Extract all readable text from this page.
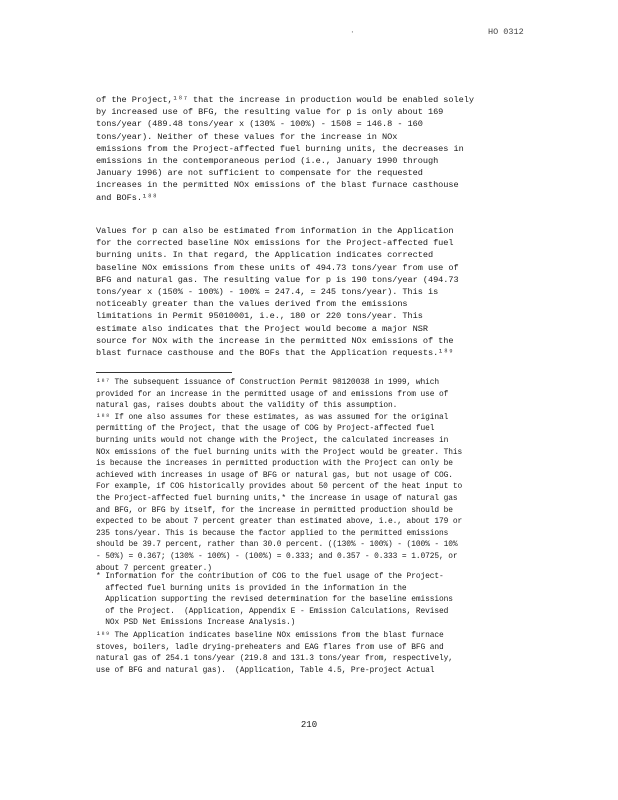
·	HO 0312
of the Project,¹⁸⁷ that the increase in production would be enabled solely
by increased use of BFG, the resulting value for p is only about 169
tons/year (489.48 tons/year x (130% - 100%) - 1508 = 146.8 - 160
tons/year). Neither of these values for the increase in NOx
emissions from the Project-affected fuel burning units, the decreases in
emissions in the contemporaneous period (i.e., January 1990 through
January 1996) are not sufficient to compensate for the requested
increases in the permitted NOx emissions of the blast furnace casthouse
and BOFs.¹⁸⁸
Values for p can also be estimated from information in the Application
for the corrected baseline NOx emissions for the Project-affected fuel
burning units. In that regard, the Application indicates corrected
baseline NOx emissions from these units of 494.73 tons/year from use of
BFG and natural gas. The resulting value for p is 190 tons/year (494.73
tons/year x (150% - 100%) - 100% = 247.4, = 245 tons/year). This is
noticeably greater than the values derived from the emissions
limitations in Permit 95010001, i.e., 180 or 220 tons/year. This
estimate also indicates that the Project would become a major NSR
source for NOx with the increase in the permitted NOx emissions of the
blast furnace casthouse and the BOFs that the Application requests.¹⁸⁹
¹⁸⁷ The subsequent issuance of Construction Permit 98120038 in 1999, which
provided for an increase in the permitted usage of and emissions from use of
natural gas, raises doubts about the validity of this assumption.
¹⁸⁸ If one also assumes for these estimates, as was assumed for the original
permitting of the Project, that the usage of COG by Project-affected fuel
burning units would not change with the Project, the calculated increases in
NOx emissions of the fuel burning units with the Project would be greater. This
is because the increases in permitted production with the Project can only be
achieved with increases in usage of BFG or natural gas, but not usage of COG.
For example, if COG historically provides about 50 percent of the heat input to
the Project-affected fuel burning units,* the increase in usage of natural gas
and BFG, or BFG by itself, for the increase in permitted production should be
expected to be about 7 percent greater than estimated above, i.e., about 179 or
235 tons/year. This is because the factor applied to the permitted emissions
should be 39.7 percent, rather than 30.0 percent. ((130% - 100%) - (100% - 10%
- 50%) = 0.367; (130% - 100%) - (100%) = 0.333; and 0.357 - 0.333 = 1.0725, or
about 7 percent greater.)
* Information for the contribution of COG to the fuel usage of the Project-
affected fuel burning units is provided in the information in the
Application supporting the revised determination for the baseline emissions
of the Project.  (Application, Appendix E - Emission Calculations, Revised
NOx PSD Net Emissions Increase Analysis.)
¹⁸⁹ The Application indicates baseline NOx emissions from the blast furnace
stoves, boilers, ladle drying-preheaters and EAG flares from use of BFG and
natural gas of 254.1 tons/year (219.8 and 131.3 tons/year from, respectively,
use of BFG and natural gas).  (Application, Table 4.5, Pre-project Actual
210
